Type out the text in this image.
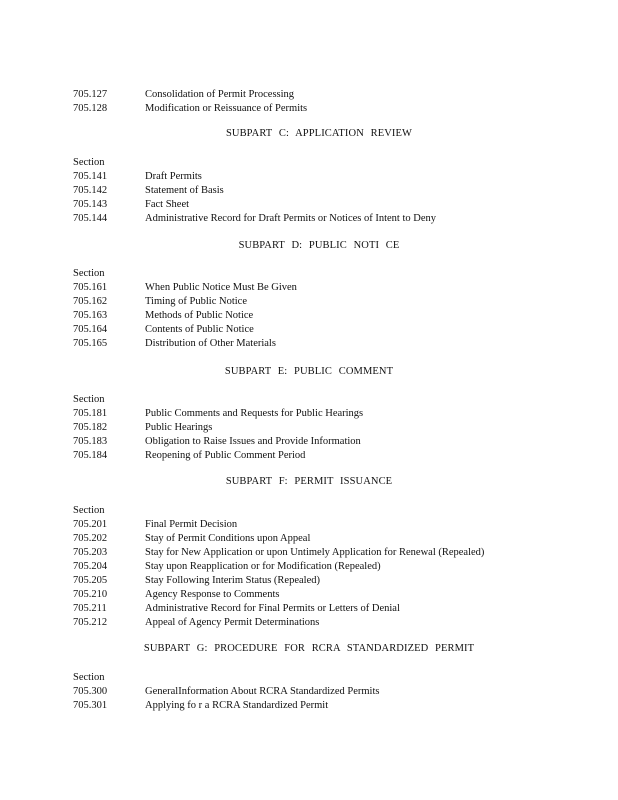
705.127	Consolidation of Permit Processing
705.128	Modification or Reissuance of Permits
SUBPART C: APPLICATION REVIEW
Section
705.141	Draft Permits
705.142	Statement of Basis
705.143	Fact Sheet
705.144	Administrative Record for Draft Permits or Notices of Intent to Deny
SUBPART D: PUBLIC NOTI CE
Section
705.161	When Public Notice Must Be Given
705.162	Timing of Public Notice
705.163	Methods of Public Notice
705.164	Contents of Public Notice
705.165	Distribution of Other Materials
SUBPART E: PUBLIC COMMENT
Section
705.181	Public Comments and Requests for Public Hearings
705.182	Public Hearings
705.183	Obligation to Raise Issues and Provide Information
705.184	Reopening of Public Comment Period
SUBPART F: PERMIT ISSUANCE
Section
705.201	Final Permit Decision
705.202	Stay of Permit Conditions upon Appeal
705.203	Stay for New Application or upon Untimely Application for Renewal (Repealed)
705.204	Stay upon Reapplication or for Modification (Repealed)
705.205	Stay Following Interim Status (Repealed)
705.210	Agency Response to Comments
705.211	Administrative Record for Final Permits or Letters of Denial
705.212	Appeal of Agency Permit Determinations
SUBPART G: PROCEDURE FOR RCRA STANDARDIZED PERMIT
Section
705.300	GeneralInformation About RCRA Standardized Permits
705.301	Applying fo r a RCRA Standardized Permit
